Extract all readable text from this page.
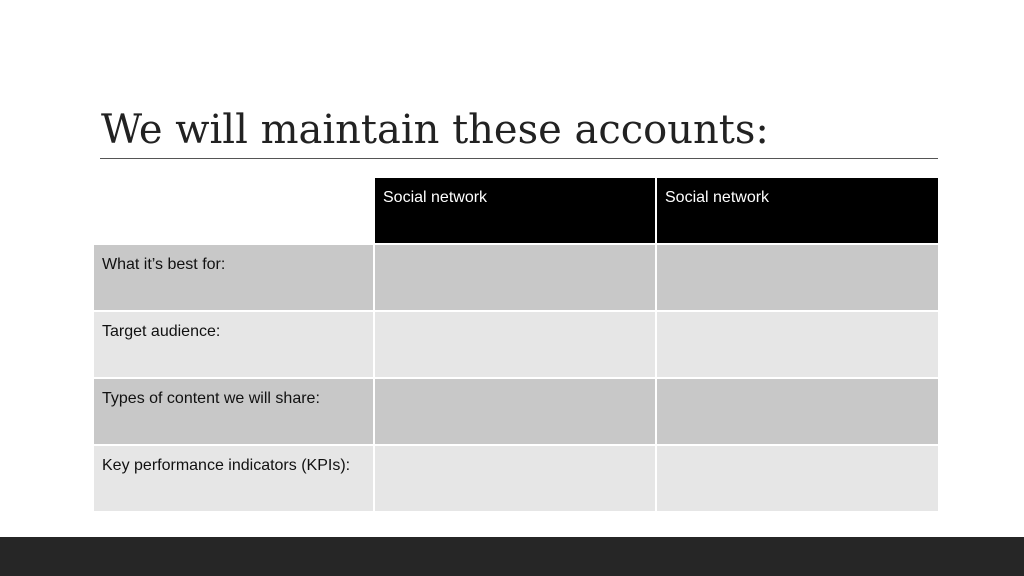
We will maintain these accounts:
	Social network	Social network
What it’s best for:		
Target audience:		
Types of content we will share:		
Key performance indicators (KPIs):		
